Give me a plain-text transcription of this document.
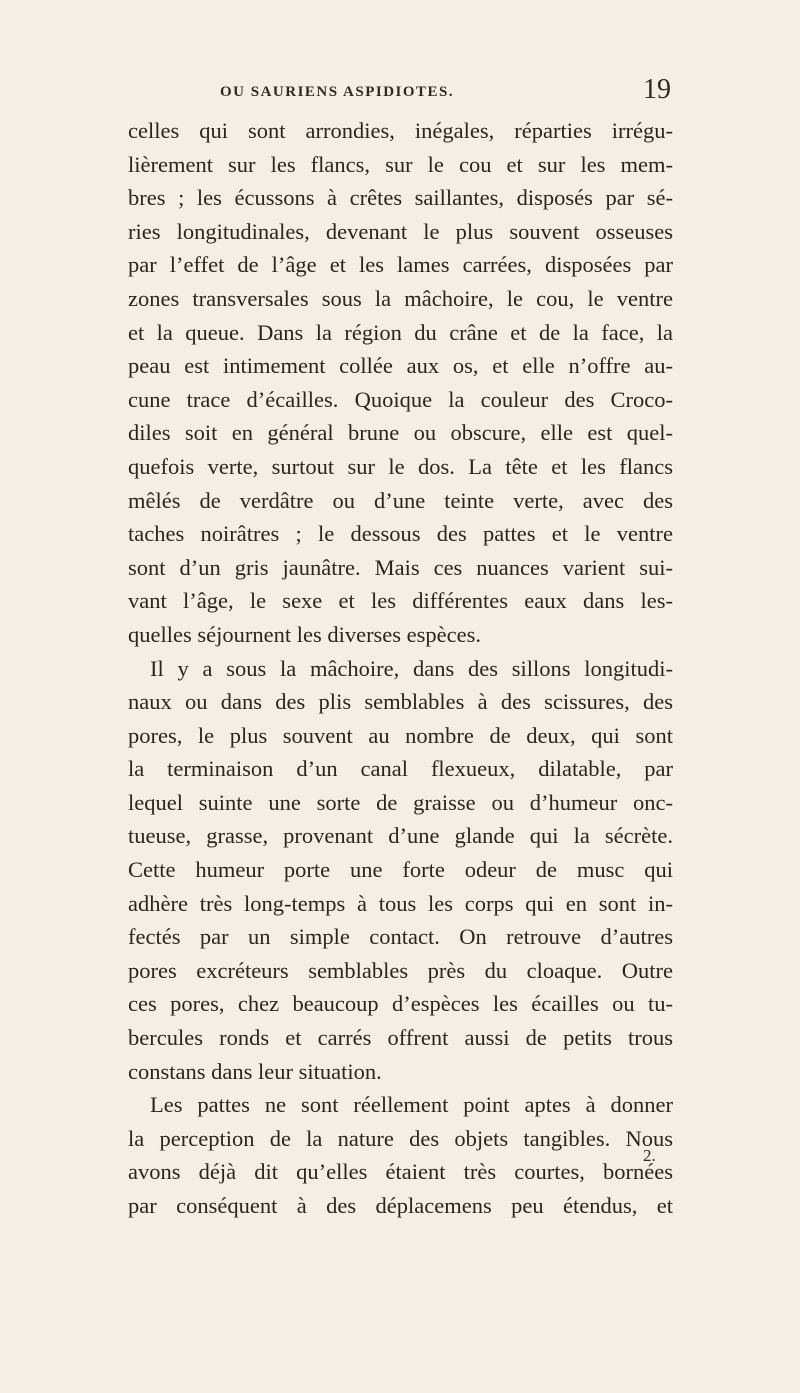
OU SAURIENS ASPIDIOTES.	19
celles qui sont arrondies, inégales, réparties irrégu-
lièrement sur les flancs, sur le cou et sur les mem-
bres ; les écussons à crêtes saillantes, disposés par sé-
ries longitudinales, devenant le plus souvent osseuses
par l’effet de l’âge et les lames carrées, disposées par
zones transversales sous la mâchoire, le cou, le ventre
et la queue. Dans la région du crâne et de la face, la
peau est intimement collée aux os, et elle n’offre au-
cune trace d’écailles. Quoique la couleur des Croco-
diles soit en général brune ou obscure, elle est quel-
quefois verte, surtout sur le dos. La tête et les flancs
mêlés de verdâtre ou d’une teinte verte, avec des
taches noirâtres ; le dessous des pattes et le ventre
sont d’un gris jaunâtre. Mais ces nuances varient sui-
vant l’âge, le sexe et les différentes eaux dans les-
quelles séjournent les diverses espèces.
Il y a sous la mâchoire, dans des sillons longitudi-
naux ou dans des plis semblables à des scissures, des
pores, le plus souvent au nombre de deux, qui sont
la terminaison d’un canal flexueux, dilatable, par
lequel suinte une sorte de graisse ou d’humeur onc-
tueuse, grasse, provenant d’une glande qui la sécrète.
Cette humeur porte une forte odeur de musc qui
adhère très long-temps à tous les corps qui en sont in-
fectés par un simple contact. On retrouve d’autres
pores excréteurs semblables près du cloaque. Outre
ces pores, chez beaucoup d’espèces les écailles ou tu-
bercules ronds et carrés offrent aussi de petits trous
constans dans leur situation.
Les pattes ne sont réellement point aptes à donner
la perception de la nature des objets tangibles. Nous
avons déjà dit qu’elles étaient très courtes, bornées
par conséquent à des déplacemens peu étendus, et
2.
